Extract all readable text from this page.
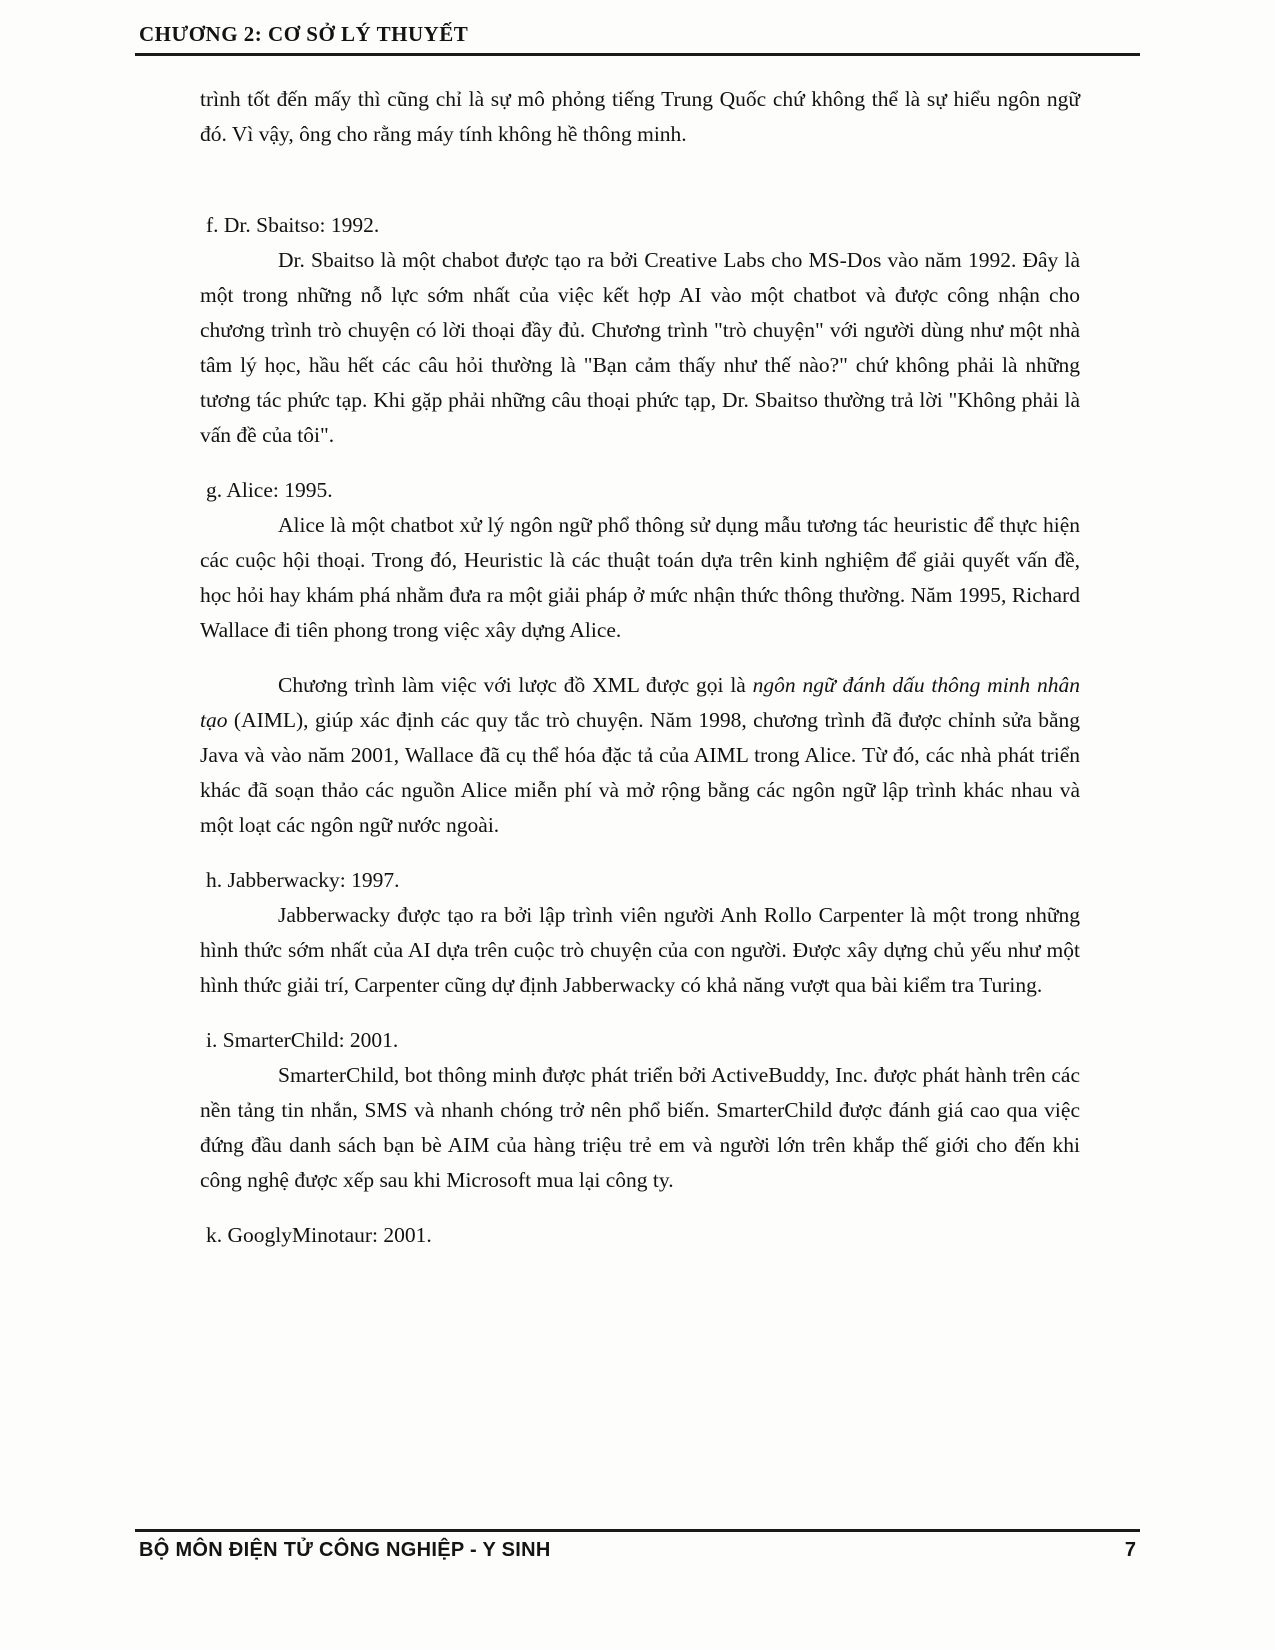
CHƯƠNG 2: CƠ SỞ LÝ THUYẾT

trình tốt đến mấy thì cũng chỉ là sự mô phỏng tiếng Trung Quốc chứ không thể là sự hiểu ngôn ngữ đó. Vì vậy, ông cho rằng máy tính không hề thông minh.

f. Dr. Sbaitso: 1992.

Dr. Sbaitso là một chabot được tạo ra bởi Creative Labs cho MS-Dos vào năm 1992. Đây là một trong những nỗ lực sớm nhất của việc kết hợp AI vào một chatbot và được công nhận cho chương trình trò chuyện có lời thoại đầy đủ. Chương trình "trò chuyện" với người dùng như một nhà tâm lý học, hầu hết các câu hỏi thường là "Bạn cảm thấy như thế nào?" chứ không phải là những tương tác phức tạp. Khi gặp phải những câu thoại phức tạp, Dr. Sbaitso thường trả lời "Không phải là vấn đề của tôi".

g. Alice: 1995.

Alice là một chatbot xử lý ngôn ngữ phổ thông sử dụng mẫu tương tác heuristic để thực hiện các cuộc hội thoại. Trong đó, Heuristic là các thuật toán dựa trên kinh nghiệm để giải quyết vấn đề, học hỏi hay khám phá nhằm đưa ra một giải pháp ở mức nhận thức thông thường. Năm 1995, Richard Wallace đi tiên phong trong việc xây dựng Alice.

Chương trình làm việc với lược đồ XML được gọi là ngôn ngữ đánh dấu thông minh nhân tạo (AIML), giúp xác định các quy tắc trò chuyện. Năm 1998, chương trình đã được chỉnh sửa bằng Java và vào năm 2001, Wallace đã cụ thể hóa đặc tả của AIML trong Alice. Từ đó, các nhà phát triển khác đã soạn thảo các nguồn Alice miễn phí và mở rộng bằng các ngôn ngữ lập trình khác nhau và một loạt các ngôn ngữ nước ngoài.

h. Jabberwacky: 1997.

Jabberwacky được tạo ra bởi lập trình viên người Anh Rollo Carpenter là một trong những hình thức sớm nhất của AI dựa trên cuộc trò chuyện của con người. Được xây dựng chủ yếu như một hình thức giải trí, Carpenter cũng dự định Jabberwacky có khả năng vượt qua bài kiểm tra Turing.

i. SmarterChild: 2001.

SmarterChild, bot thông minh được phát triển bởi ActiveBuddy, Inc. được phát hành trên các nền tảng tin nhắn, SMS và nhanh chóng trở nên phổ biến. SmarterChild được đánh giá cao qua việc đứng đầu danh sách bạn bè AIM của hàng triệu trẻ em và người lớn trên khắp thế giới cho đến khi công nghệ được xếp sau khi Microsoft mua lại công ty.

k. GooglyMinotaur: 2001.
BỘ MÔN ĐIỆN TỬ CÔNG NGHIỆP - Y SINH	7
